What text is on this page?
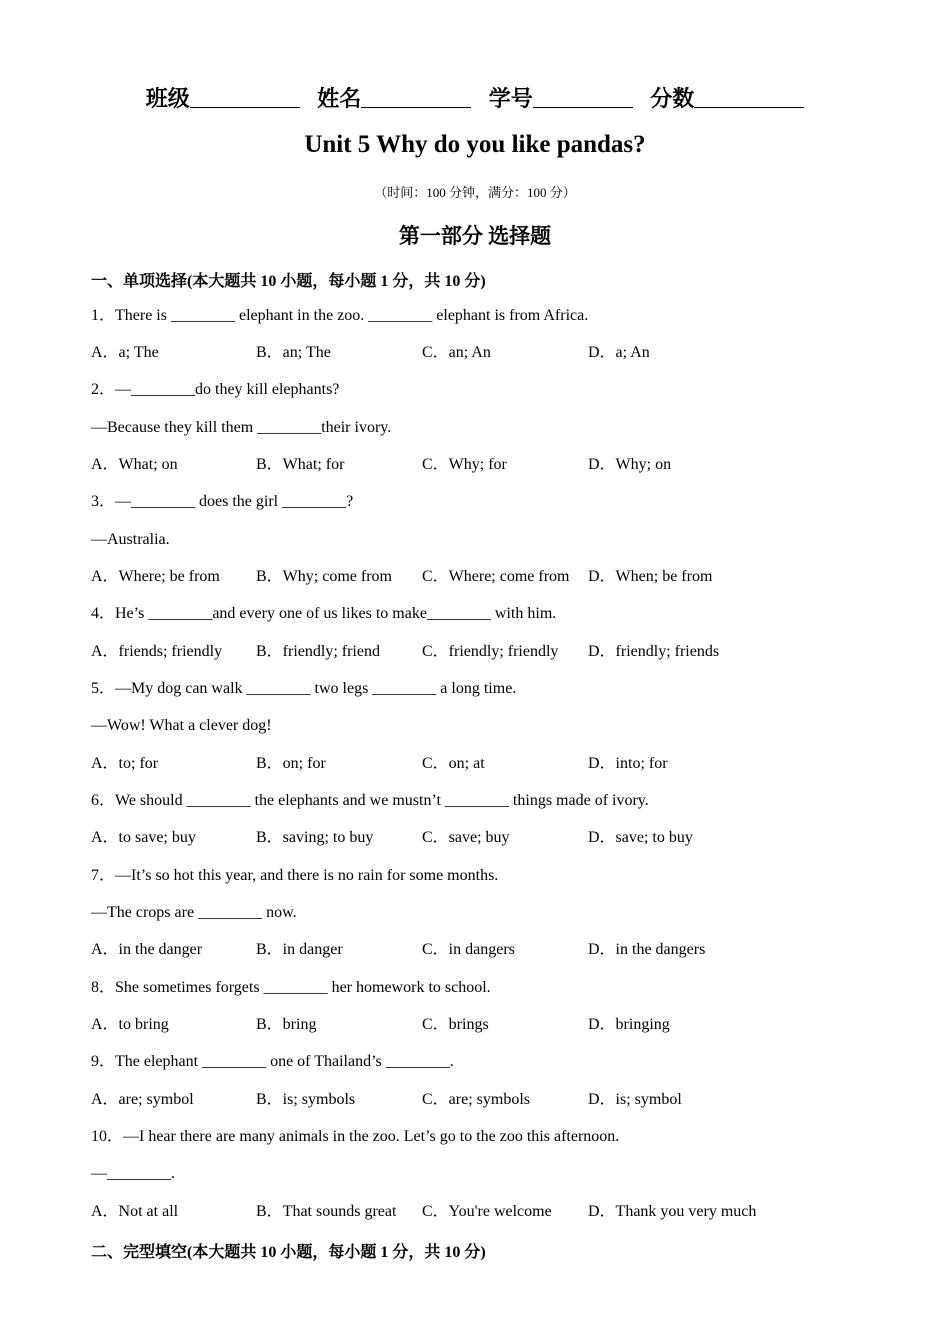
班级	姓名	学号	分数
Unit 5 Why do you like pandas?
（时间：100 分钟，满分：100 分）
第一部分 选择题
一、单项选择(本大题共 10 小题，每小题 1 分，共 10 分)
1．There is ________ elephant in the zoo. ________ elephant is from Africa.
A．a; The	B．an; The	C．an; An	D．a; An
2．—________do they kill elephants?
—Because they kill them ________their ivory.
A．What; on	B．What; for	C．Why; for	D．Why; on
3．—________ does the girl ________?
—Australia.
A．Where; be from B．Why; come from C．Where; come from D．When; be from
4．He’s ________and every one of us likes to make________ with him.
A．friends; friendly B．friendly; friend	C．friendly; friendly D．friendly; friends
5．—My dog can walk ________ two legs ________ a long time.
—Wow! What a clever dog!
A．to; for	B．on; for	C．on; at	D．into; for
6．We should ________ the elephants and we mustn’t ________ things made of ivory.
A．to save; buy	B．saving; to buy	C．save; buy	D．save; to buy
7．—It’s so hot this year, and there is no rain for some months.
—The crops are ________ now.
A．in the danger	B．in danger	C．in dangers	D．in the dangers
8．She sometimes forgets ________ her homework to school.
A．to bring	B．bring	C．brings	D．bringing
9．The elephant ________ one of Thailand’s ________.
A．are; symbol	B．is; symbols	C．are; symbols	D．is; symbol
10．—I hear there are many animals in the zoo. Let’s go to the zoo this afternoon.
—________.
A．Not at all	B．That sounds great C．You're welcome D．Thank you very much
二、完型填空(本大题共 10 小题，每小题 1 分，共 10 分)
